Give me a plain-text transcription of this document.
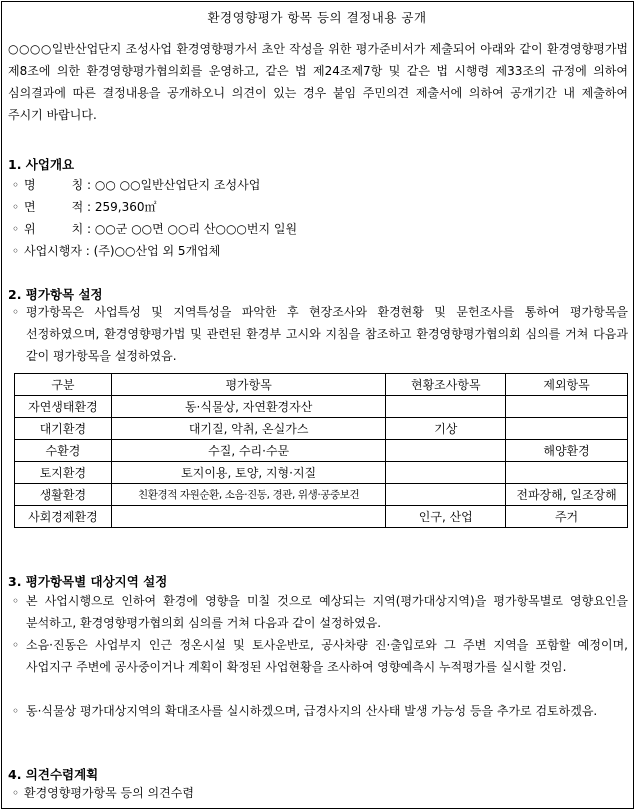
환경영향평가 항목 등의 결정내용 공개
○○○○일반산업단지 조성사업 환경영향평가서 초안 작성을 위한 평가준비서가 제출되어 아래와 같이 환경영향평가법 제8조에 의한 환경영향평가협의회를 운영하고, 같은 법 제24조제7항 및 같은 법 시행령 제33조의 규정에 의하여 심의결과에 따른 결정내용을 공개하오니 의견이 있는 경우 붙임 주민의견 제출서에 의하여 공개기간 내 제출하여 주시기 바랍니다.
1. 사업개요
◦ 명　　　칭 : ○○ ○○일반산업단지 조성사업
◦ 면　　　적 : 259,360㎡
◦ 위　　　치 : ○○군 ○○면 ○○리 산○○○번지 일원
◦ 사업시행자 : (주)○○산업 외 5개업체
2. 평가항목 설정
◦ 평가항목은 사업특성 및 지역특성을 파악한 후 현장조사와 환경현황 및 문헌조사를 통하여 평가항목을 선정하였으며, 환경영향평가법 및 관련된 환경부 고시와 지침을 참조하고 환경영향평가협의회 심의를 거쳐 다음과 같이 평가항목을 설정하였음.
구분	평가항목	현황조사항목	제외항목
자연생태환경	동·식물상, 자연환경자산		
대기환경	대기질, 악취, 온실가스	기상	
수환경	수질, 수리·수문		해양환경
토지환경	토지이용, 토양, 지형·지질		
생활환경	친환경적 자원순환, 소음·진동, 경관, 위생·공중보건		전파장해, 일조장해
사회경제환경		인구, 산업	주거
3. 평가항목별 대상지역 설정
◦ 본 사업시행으로 인하여 환경에 영향을 미칠 것으로 예상되는 지역(평가대상지역)을 평가항목별로 영향요인을 분석하고, 환경영향평가협의회 심의를 거쳐 다음과 같이 설정하였음.
◦ 소음·진동은 사업부지 인근 정온시설 및 토사운반로, 공사차량 진·출입로와 그 주변 지역을 포함할 예정이며, 사업지구 주변에 공사중이거나 계획이 확정된 사업현황을 조사하여 영향예측시 누적평가를 실시할 것임.
◦ 동·식물상 평가대상지역의 확대조사를 실시하겠으며, 급경사지의 산사태 발생 가능성 등을 추가로 검토하겠음.
4. 의견수렴계획
◦ 환경영향평가항목 등의 의견수렴
